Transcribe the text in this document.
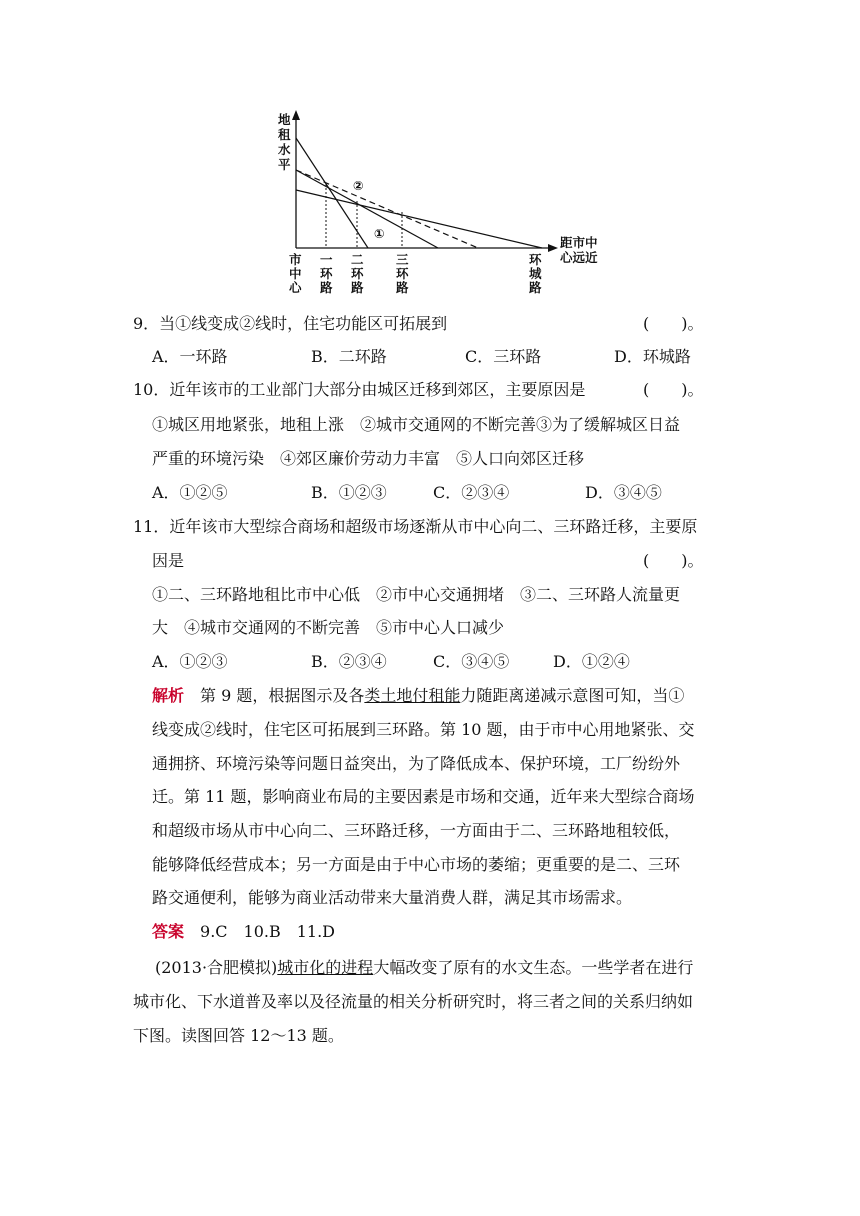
地
租
水
平
①
②
距市中
心远近
市
中
心
一
环
路
二
环
路
三
环
路
环
城
路
9．当①线变成②线时，住宅功能区可拓展到	(　　)。
A．一环路	B．二环路	C．三环路	D．环城路
10．近年该市的工业部门大部分由城区迁移到郊区，主要原因是	(　　)。
①城区用地紧张，地租上涨　②城市交通网的不断完善③为了缓解城区日益
严重的环境污染　④郊区廉价劳动力丰富　⑤人口向郊区迁移
A．①②⑤	B．①②③	C．②③④	D．③④⑤
11．近年该市大型综合商场和超级市场逐渐从市中心向二、三环路迁移，主要原
因是	(　　)。
①二、三环路地租比市中心低　②市中心交通拥堵　③二、三环路人流量更
大　④城市交通网的不断完善　⑤市中心人口减少
A．①②③	B．②③④	C．③④⑤	D．①②④
解析　第 9 题，根据图示及各类土地付租能力随距离递减示意图可知，当①
线变成②线时，住宅区可拓展到三环路。第 10 题，由于市中心用地紧张、交
通拥挤、环境污染等问题日益突出，为了降低成本、保护环境，工厂纷纷外
迁。第 11 题，影响商业布局的主要因素是市场和交通，近年来大型综合商场
和超级市场从市中心向二、三环路迁移，一方面由于二、三环路地租较低，
能够降低经营成本；另一方面是由于中心市场的萎缩；更重要的是二、三环
路交通便利，能够为商业活动带来大量消费人群，满足其市场需求。
答案　9.C　10.B　11.D
(2013·合肥模拟)城市化的进程大幅改变了原有的水文生态。一些学者在进行
城市化、下水道普及率以及径流量的相关分析研究时，将三者之间的关系归纳如
下图。读图回答 12～13 题。
